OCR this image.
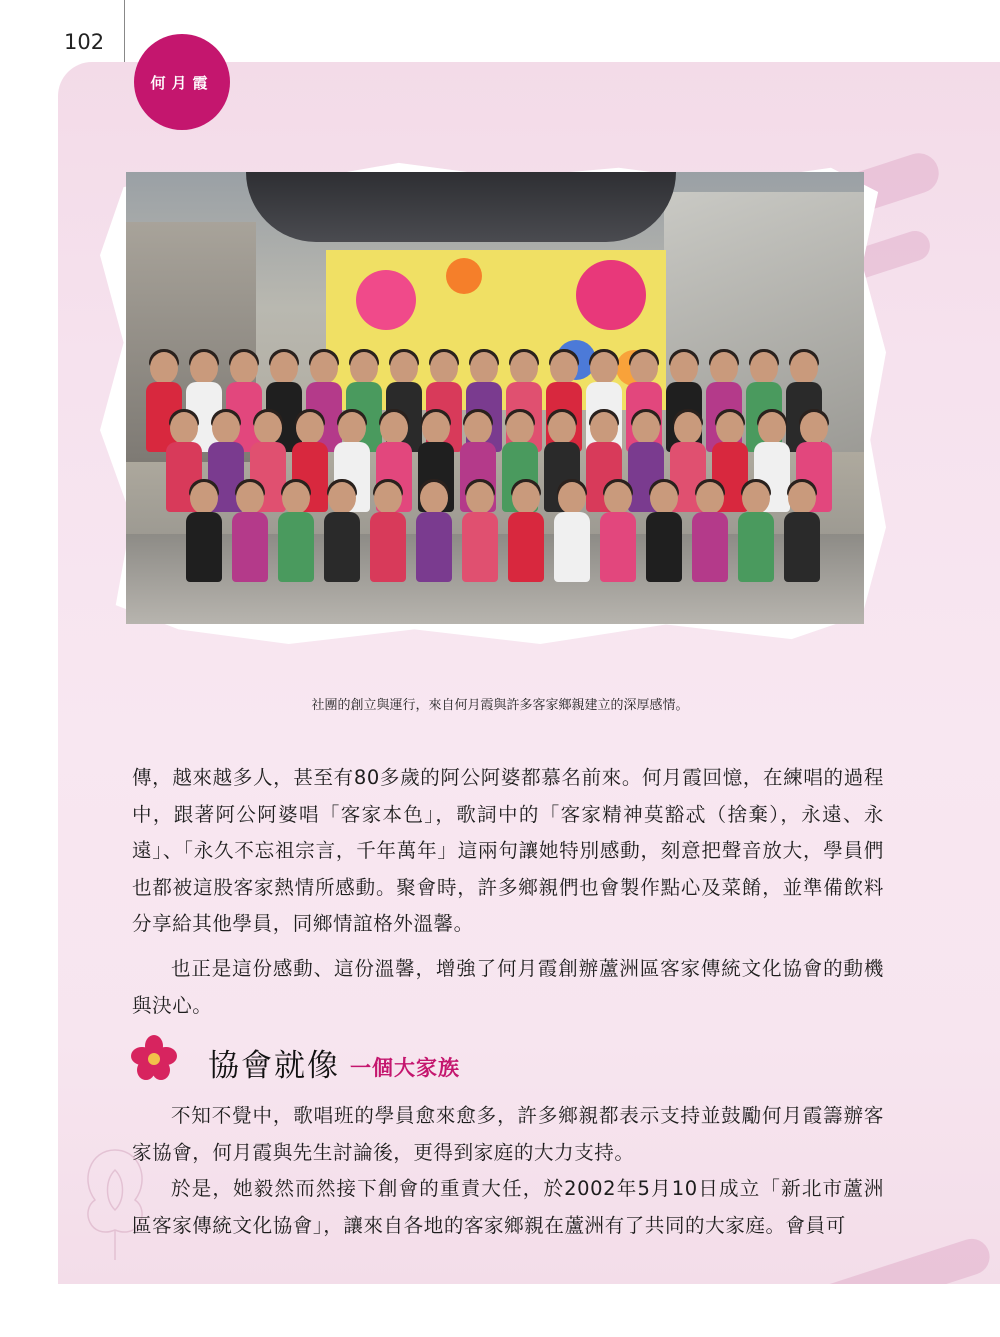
102
何月霞
社團的創立與運行，來自何月霞與許多客家鄉親建立的深厚感情。

傳，越來越多人，甚至有80多歲的阿公阿婆都慕名前來。何月霞回憶，在練唱的過程中，跟著阿公阿婆唱「客家本色」，歌詞中的「客家精神莫豁忒（捨棄），永遠、永遠」、「永久不忘祖宗言，千年萬年」這兩句讓她特別感動，刻意把聲音放大，學員們也都被這股客家熱情所感動。聚會時，許多鄉親們也會製作點心及菜餚，並準備飲料分享給其他學員，同鄉情誼格外溫馨。

也正是這份感動、這份溫馨，增強了何月霞創辦蘆洲區客家傳統文化協會的動機與決心。

協會就像 一個大家族

不知不覺中，歌唱班的學員愈來愈多，許多鄉親都表示支持並鼓勵何月霞籌辦客家協會，何月霞與先生討論後，更得到家庭的大力支持。

於是，她毅然而然接下創會的重責大任，於2002年5月10日成立「新北市蘆洲區客家傳統文化協會」，讓來自各地的客家鄉親在蘆洲有了共同的大家庭。會員可
